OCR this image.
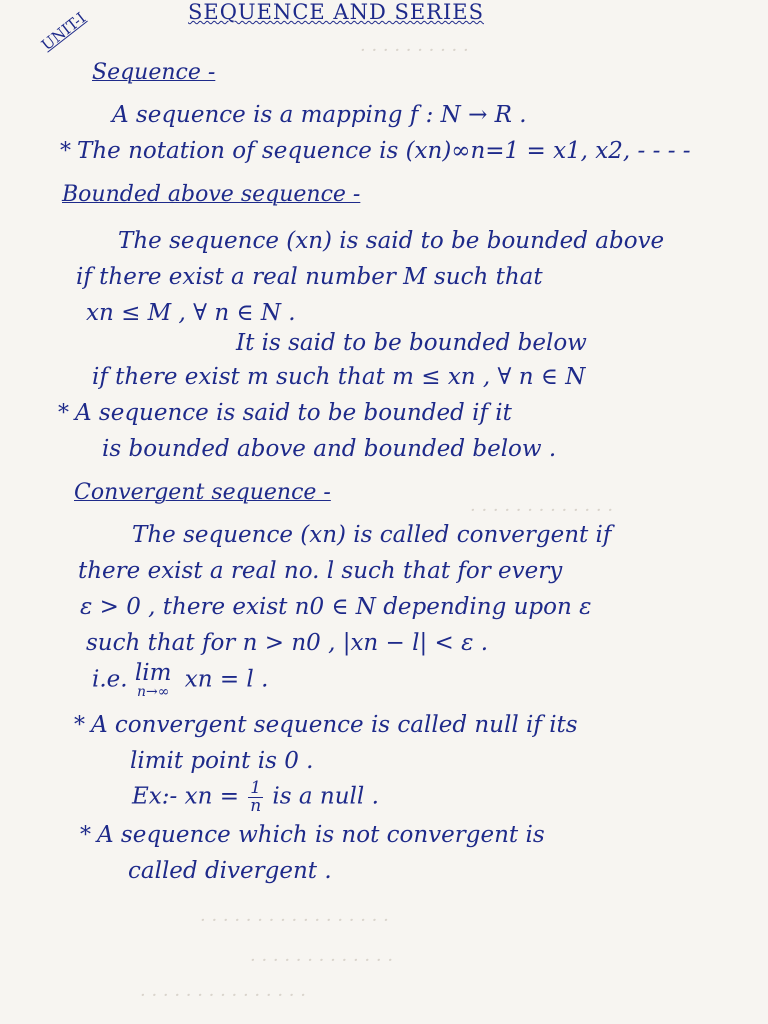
· · · · · · · · · ·
· · · · · · · · · · · · ·
· · · · · · · · · · · · · · · · ·
· · · · · · · · · · · · ·
· · · · · · · · · · · · · · ·
UNIT-I	SEQUENCE AND SERIES
Sequence -
A sequence is a mapping f : N → R .
* The notation of sequence is (xn)∞n=1 = x1, x2, - - - -
Bounded above sequence -
The sequence (xn) is said to be bounded above
if there exist a real number M such that
xn ≤ M , ∀ n ∈ N .
It is said to be bounded below
if there exist m such that m ≤ xn , ∀ n ∈ N
* A sequence is said to be bounded if it
is bounded above and bounded below .
Convergent sequence -
The sequence (xn) is called convergent if
there exist a real no. l such that for every
ε > 0 , there exist n0 ∈ N depending upon ε
such that for n > n0 , |xn − l| < ε .
i.e. lim
n→∞ xn = l .
* A convergent sequence is called null if its
limit point is 0 .
Ex:- xn = $\frac{1}{n}$ is a null .
* A sequence which is not convergent is
called divergent .
